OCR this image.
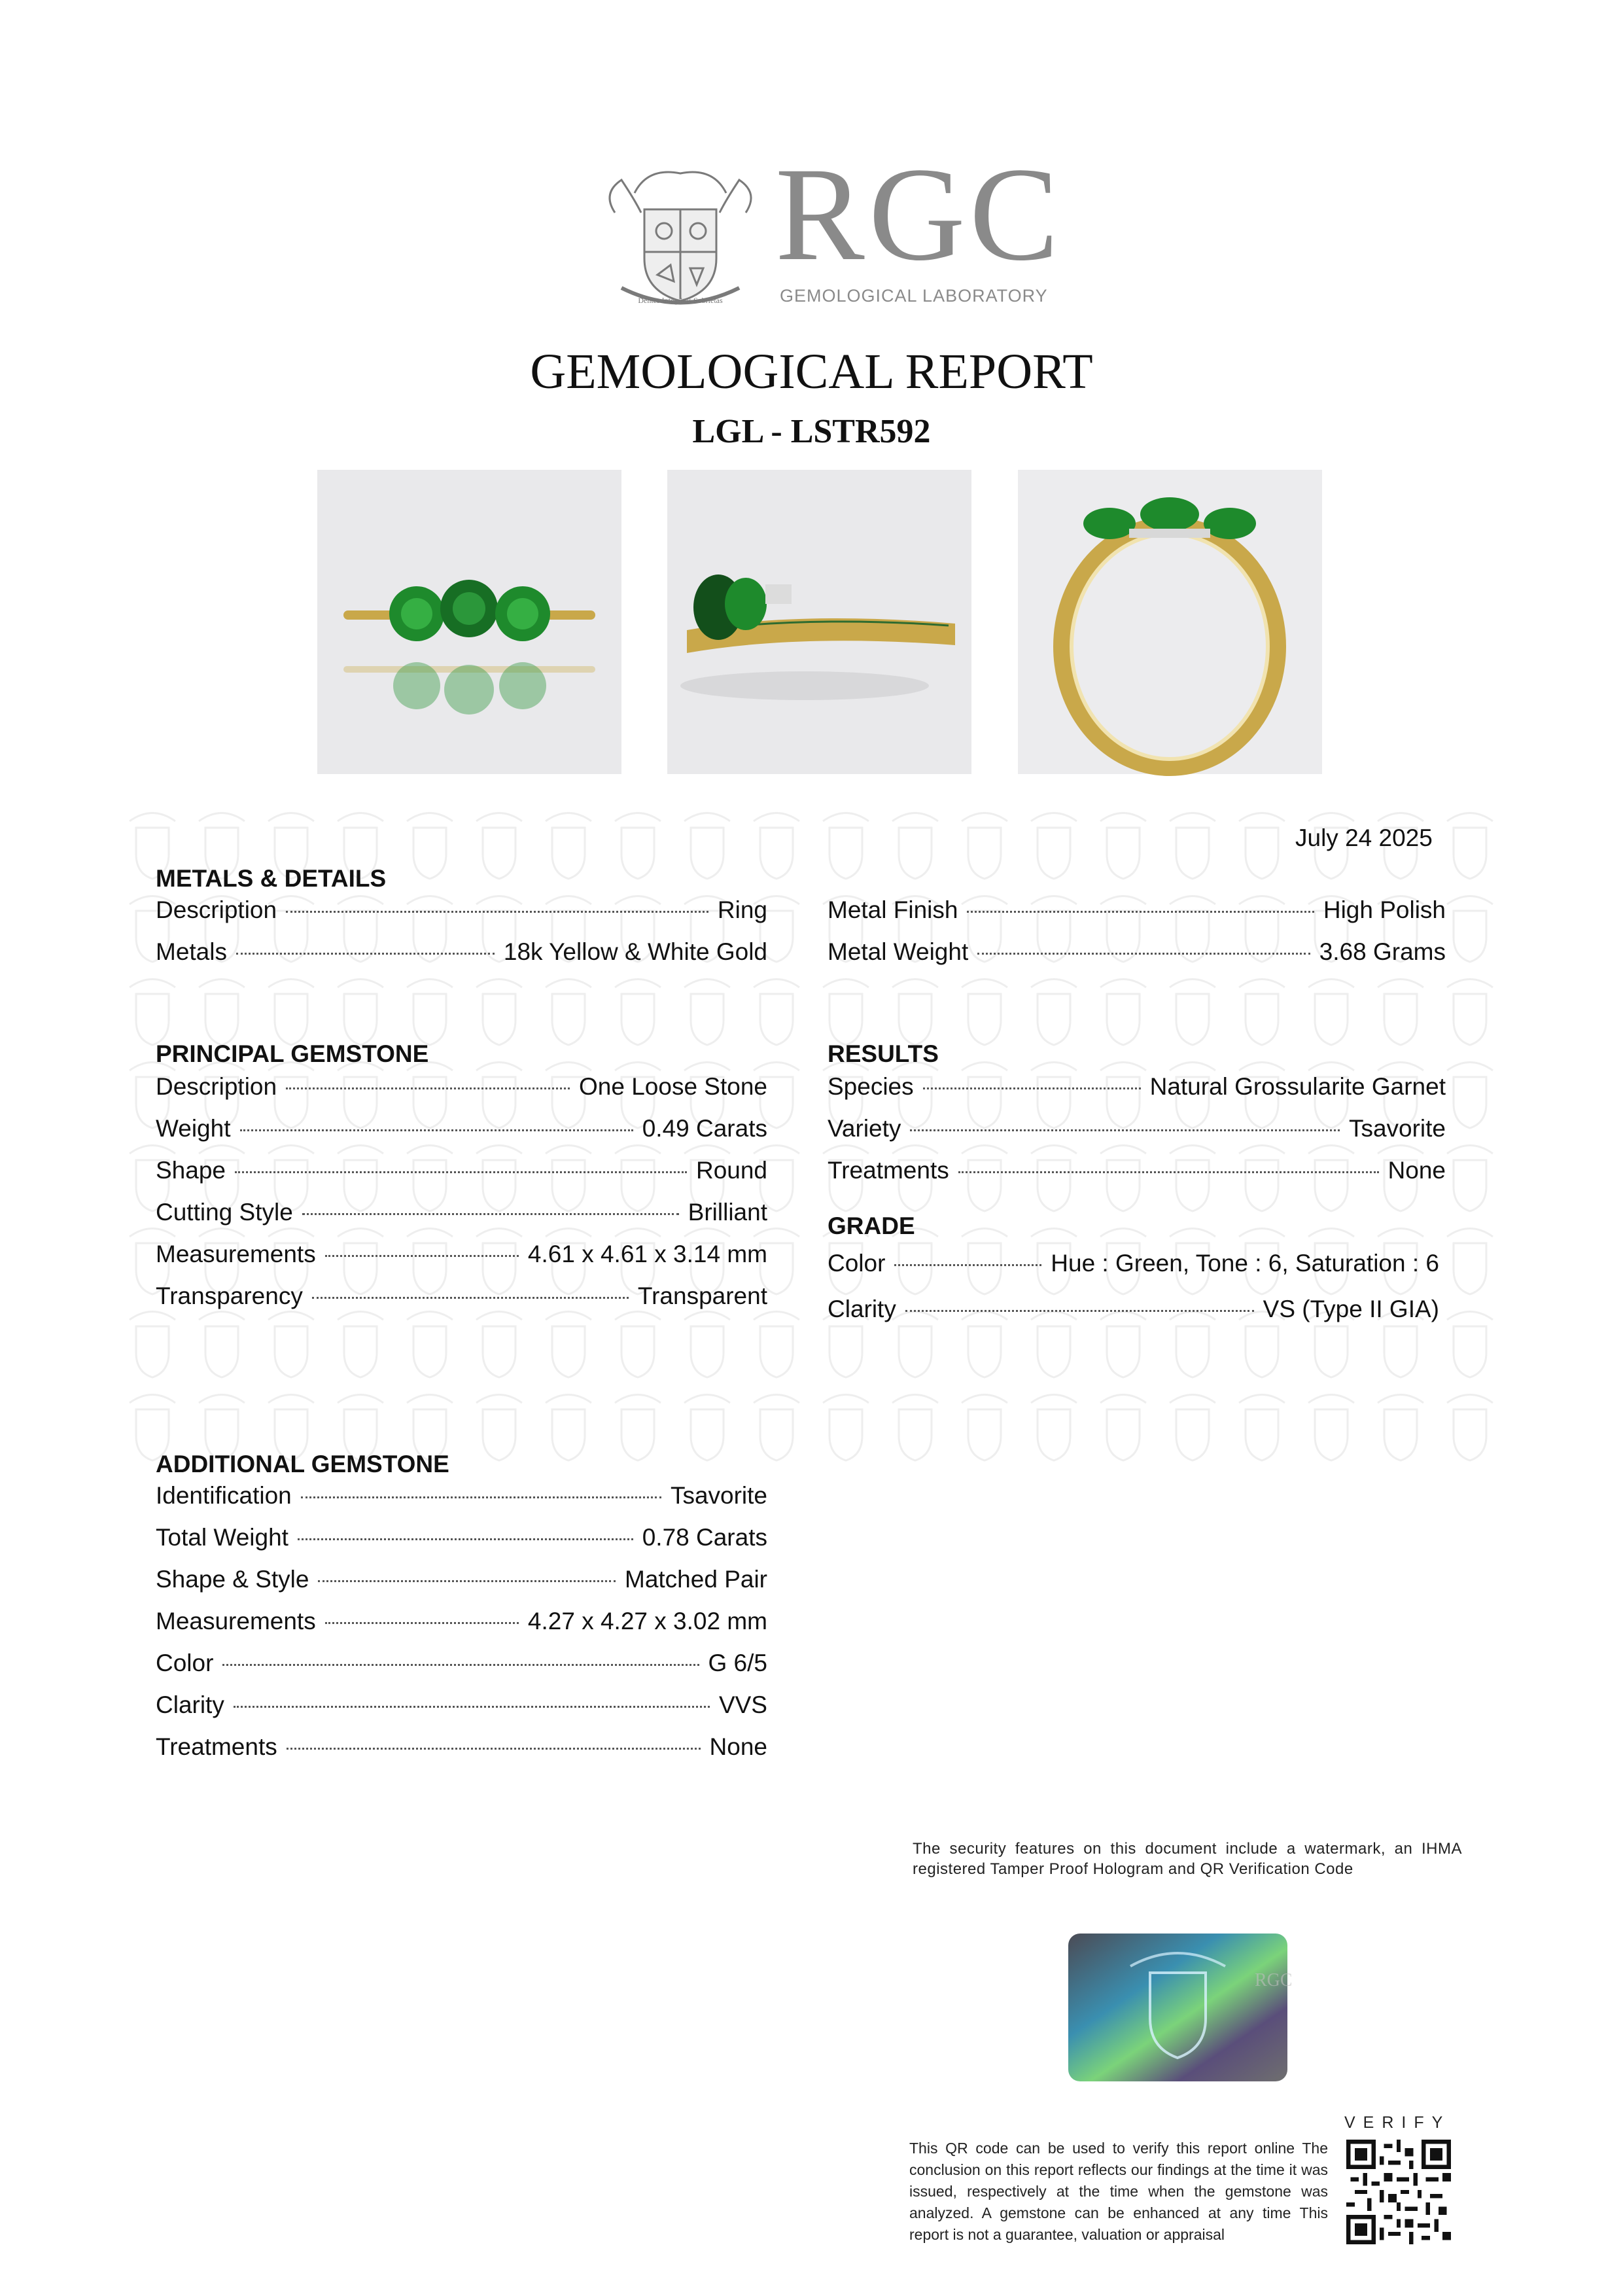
Dentes Integritas Sobrietas
RGC
GEMOLOGICAL LABORATORY
GEMOLOGICAL REPORT
LGL - LSTR592
July 24 2025
METALS & DETAILS
Description	Ring
Metals	18k Yellow & White Gold
Metal Finish	High Polish
Metal Weight	3.68 Grams
PRINCIPAL GEMSTONE
Description	One Loose Stone
Weight	0.49 Carats
Shape	Round
Cutting Style	Brilliant
Measurements	4.61 x 4.61 x 3.14 mm
Transparency	Transparent
RESULTS
Species	Natural Grossularite Garnet
Variety	Tsavorite
Treatments	None
GRADE
Color	Hue : Green, Tone : 6, Saturation : 6
Clarity	VS (Type II GIA)
ADDITIONAL GEMSTONE
Identification	Tsavorite
Total Weight	0.78 Carats
Shape & Style	Matched Pair
Measurements	4.27 x 4.27 x 3.02 mm
Color	G 6/5
Clarity	VVS
Treatments	None
The security features on this document include a watermark, an IHMA registered Tamper Proof Hologram and QR Verification Code
RGC
VERIFY
This QR code can be used to verify this report online The conclusion on this report reflects our findings at the time it was issued, respectively at the time when the gemstone was analyzed. A gemstone can be enhanced at any time This report is not a guarantee, valuation or appraisal
